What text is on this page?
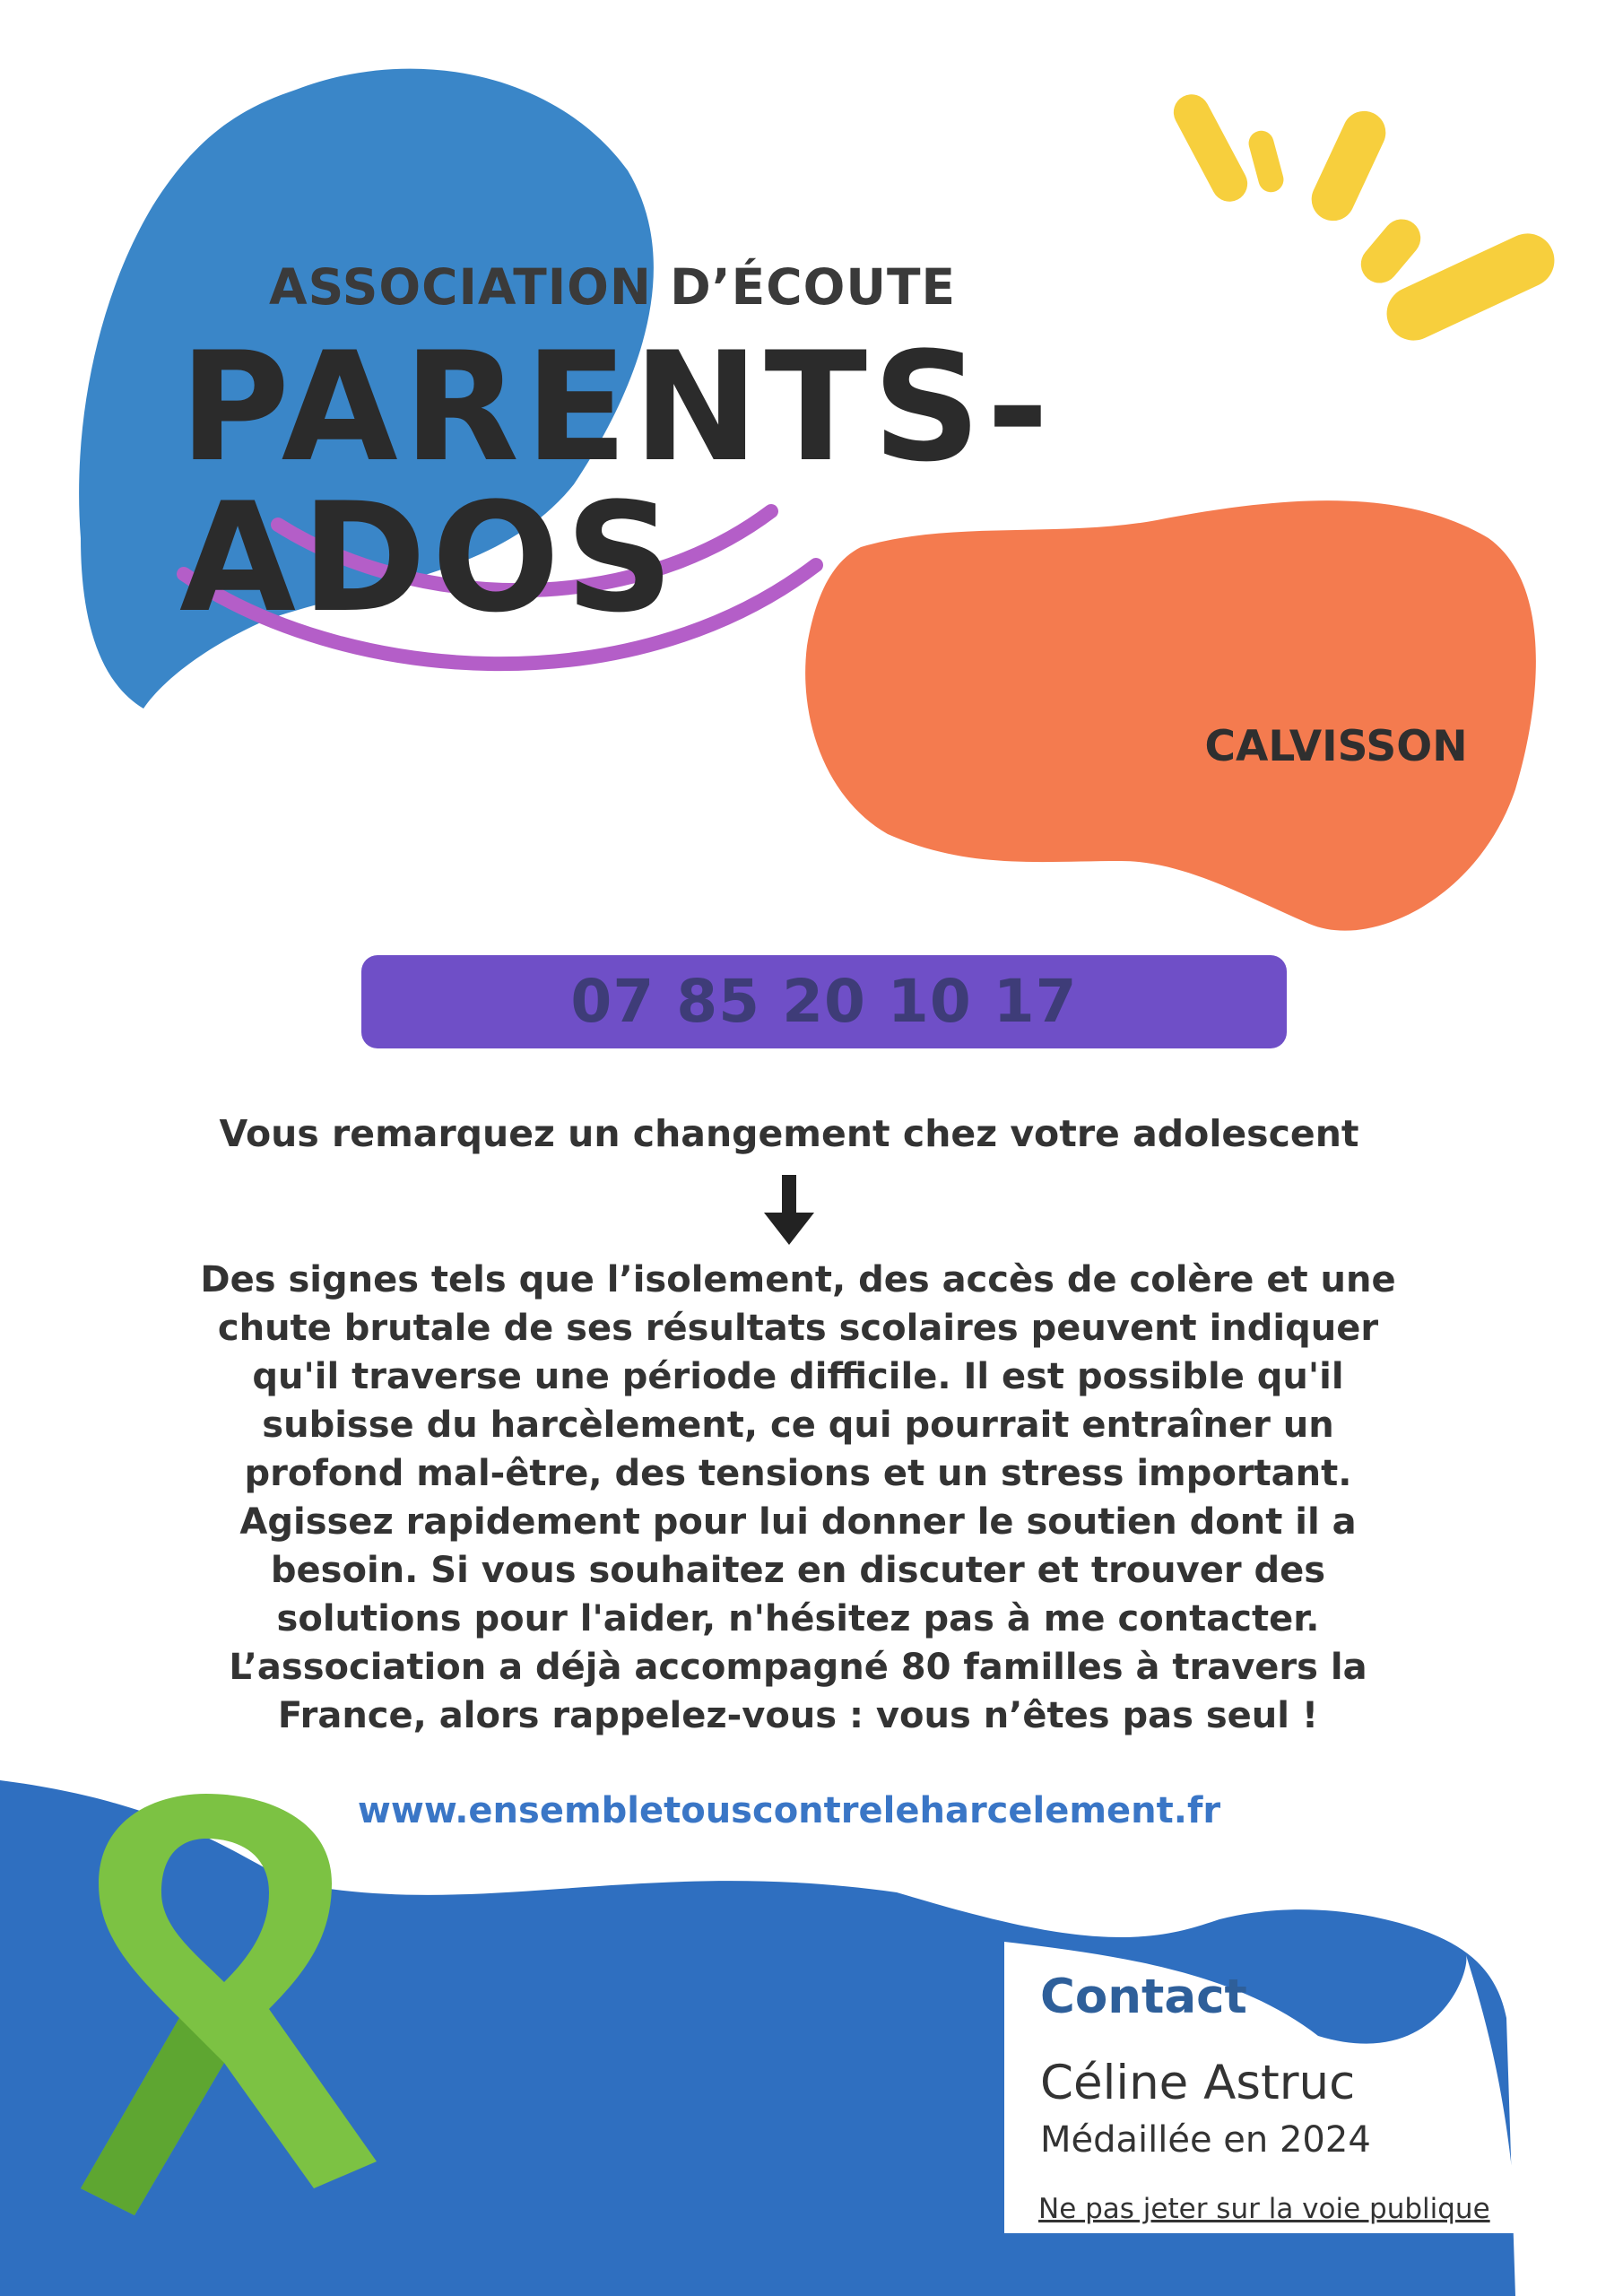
ASSOCIATION D’ÉCOUTE
PARENTS-ADOS
CALVISSON
07 85 20 10 17
Vous remarquez un changement chez votre adolescent
Des signes tels que l’isolement, des accès de colère et une
chute brutale de ses résultats scolaires peuvent indiquer
qu'il traverse une période difficile. Il est possible qu'il
subisse du harcèlement, ce qui pourrait entraîner un
profond mal-être, des tensions et un stress important.
Agissez rapidement pour lui donner le soutien dont il a
besoin. Si vous souhaitez en discuter et trouver des
solutions pour l'aider, n'hésitez pas à me contacter.
L’association a déjà accompagné 80 familles à travers la
France, alors rappelez-vous : vous n’êtes pas seul !
www.ensembletouscontreleharcelement.fr
Contact
Céline Astruc
Médaillée en 2024
Ne pas jeter sur la voie publique
